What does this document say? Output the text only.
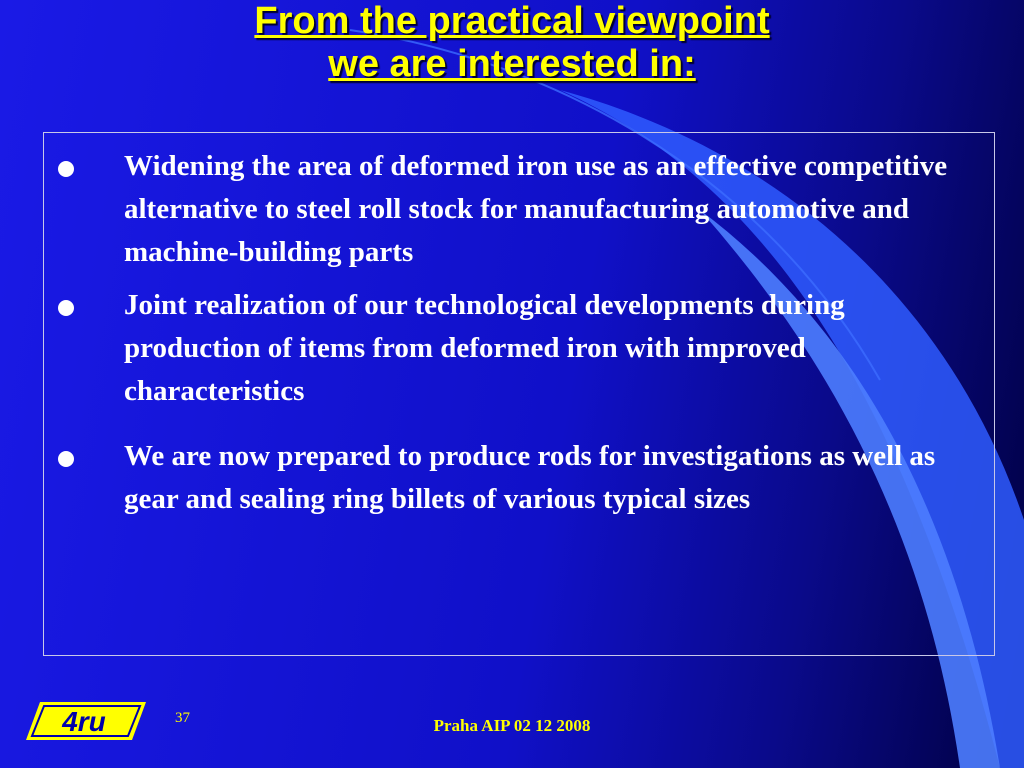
From the practical viewpoint
we are interested in:
Widening the area of deformed iron use as an effective competitive alternative to steel roll stock for manufacturing automotive and machine-building parts
Joint realization of our technological developments during production of items from deformed iron with improved characteristics
We are now prepared to produce rods for investigations as well as gear and sealing ring billets of various typical sizes
4ru	37	Praha AIP 02 12 2008
